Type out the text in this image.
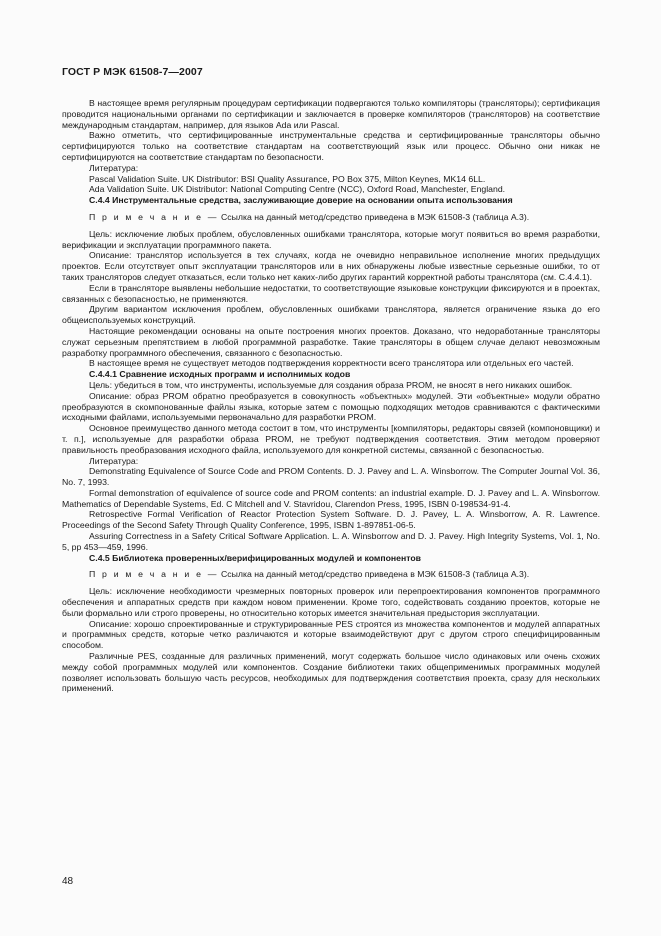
ГОСТ Р МЭК 61508-7—2007

В настоящее время регулярным процедурам сертификации подвергаются только компиляторы (трансляторы); сертификация проводится национальными органами по сертификации и заключается в проверке компиляторов (трансляторов) на соответствие международным стандартам, например, для языков Ada или Pascal.

Важно отметить, что сертифицированные инструментальные средства и сертифицированные трансляторы обычно сертифицируются только на соответствие стандартам на соответствующий язык или процесс. Обычно они никак не сертифицируются на соответствие стандартам по безопасности.

Литература:

Pascal Validation Suite. UK Distributor: BSI Quality Assurance, PO Box 375, Milton Keynes, MK14 6LL.

Ada Validation Suite. UK Distributor: National Computing Centre (NCC), Oxford Road, Manchester, England.

С.4.4 Инструментальные средства, заслуживающие доверие на основании опыта использования

П р и м е ч а н и е — Ссылка на данный метод/средство приведена в МЭК 61508-3 (таблица А.3).

Цель: исключение любых проблем, обусловленных ошибками транслятора, которые могут появиться во время разработки, верификации и эксплуатации программного пакета.

Описание: транслятор используется в тех случаях, когда не очевидно неправильное исполнение многих предыдущих проектов. Если отсутствует опыт эксплуатации трансляторов или в них обнаружены любые известные серьезные ошибки, то от таких трансляторов следует отказаться, если только нет каких-либо других гарантий корректной работы транслятора (см. С.4.4.1).

Если в трансляторе выявлены небольшие недостатки, то соответствующие языковые конструкции фиксируются и в проектах, связанных с безопасностью, не применяются.

Другим вариантом исключения проблем, обусловленных ошибками транслятора, является ограничение языка до его общеиспользуемых конструкций.

Настоящие рекомендации основаны на опыте построения многих проектов. Доказано, что недоработанные трансляторы служат серьезным препятствием в любой программной разработке. Такие трансляторы в общем случае делают невозможным разработку программного обеспечения, связанного с безопасностью.

В настоящее время не существует методов подтверждения корректности всего транслятора или отдельных его частей.

С.4.4.1 Сравнение исходных программ и исполнимых кодов

Цель: убедиться в том, что инструменты, используемые для создания образа PROM, не вносят в него никаких ошибок.

Описание: образ PROM обратно преобразуется в совокупность «объектных» модулей. Эти «объектные» модули обратно преобразуются в скомпонованные файлы языка, которые затем с помощью подходящих методов сравниваются с фактическими исходными файлами, используемыми первоначально для разработки PROM.

Основное преимущество данного метода состоит в том, что инструменты [компиляторы, редакторы связей (компоновщики) и т. п.], используемые для разработки образа PROM, не требуют подтверждения соответствия. Этим методом проверяют правильность преобразования исходного файла, используемого для конкретной системы, связанной с безопасностью.

Литература:

Demonstrating Equivalence of Source Code and PROM Contents. D. J. Pavey and L. A. Winsborrow. The Computer Journal Vol. 36, No. 7, 1993.

Formal demonstration of equivalence of source code and PROM contents: an industrial example. D. J. Pavey and L. A. Winsborrow. Mathematics of Dependable Systems, Ed. C Mitchell and V. Stavridou, Clarendon Press, 1995, ISBN 0-198534-91-4.

Retrospective Formal Verification of Reactor Protection System Software. D. J. Pavey, L. A. Winsborrow, A. R. Lawrence. Proceedings of the Second Safety Through Quality Conference, 1995, ISBN 1-897851-06-5.

Assuring Correctness in a Safety Critical Software Application. L. A. Winsborrow and D. J. Pavey. High Integrity Systems, Vol. 1, No. 5, pp 453—459, 1996.

С.4.5 Библиотека проверенных/верифицированных модулей и компонентов

П р и м е ч а н и е — Ссылка на данный метод/средство приведена в МЭК 61508-3 (таблица А.3).

Цель: исключение необходимости чрезмерных повторных проверок или перепроектирования компонентов программного обеспечения и аппаратных средств при каждом новом применении. Кроме того, содействовать созданию проектов, которые не были формально или строго проверены, но относительно которых имеется значительная предыстория эксплуатации.

Описание: хорошо спроектированные и структурированные PES строятся из множества компонентов и модулей аппаратных и программных средств, которые четко различаются и которые взаимодействуют друг с другом строго специфицированным способом.

Различные PES, созданные для различных применений, могут содержать большое число одинаковых или очень схожих между собой программных модулей или компонентов. Создание библиотеки таких общеприменимых программных модулей позволяет использовать большую часть ресурсов, необходимых для подтверждения соответствия проекта, сразу для нескольких применений.

48
